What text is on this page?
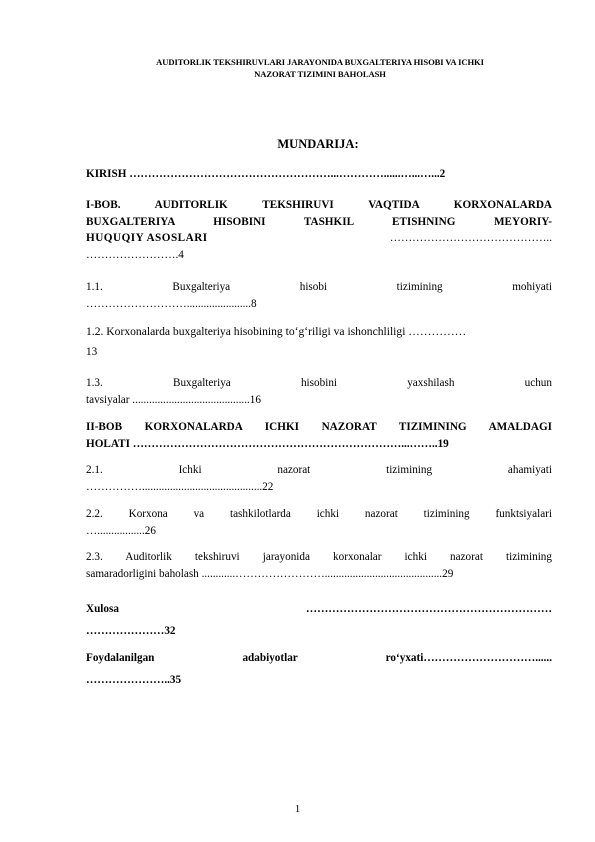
AUDITORLIK TEKSHIRUVLARI JARAYONIDA BUXGALTERIYA HISOBI VA ICHKI
NAZORAT TIZIMINI BAHOLASH
MUNDARIJA:
KIRISH ………………………………………………...…………......…...…...2
I-BOB. AUDITORLIK TEKSHIRUVI VAQTIDA KORXONALARDA
BUXGALTERIYA HISOBINI TASHKIL ETISHNING MEYORIY-
HUQUQIY ASOSLARI	……………………………………..
…………………….4
1.1. Buxgalteriya hisobi tizimining mohiyati
……………………….......................8
1.2. Korxonalarda buxgalteriya hisobining to‘g‘riligi va ishonchliligi ……………
13
1.3. Buxgalteriya hisobini yaxshilash uchun
tavsiyalar ..........................................16
II-BOB KORXONALARDA ICHKI NAZORAT TIZIMINING AMALDAGI
HOLATI ………………………………………………………………...……..19
2.1. Ichki nazorat tizimining ahamiyati
……………...........................................22
2.2. Korxona va tashkilotlarda ichki nazorat tizimining funktsiyalari
….................26
2.3. Auditorlik tekshiruvi jarayonida korxonalar ichki nazorat tizimining
samaradorligini baholash ............……………………..........................................29
Xulosa	…………………………………………………………
…………………32
Foydalanilgan adabiyotlar ro‘yxati…………………………......
…………………..35
1
